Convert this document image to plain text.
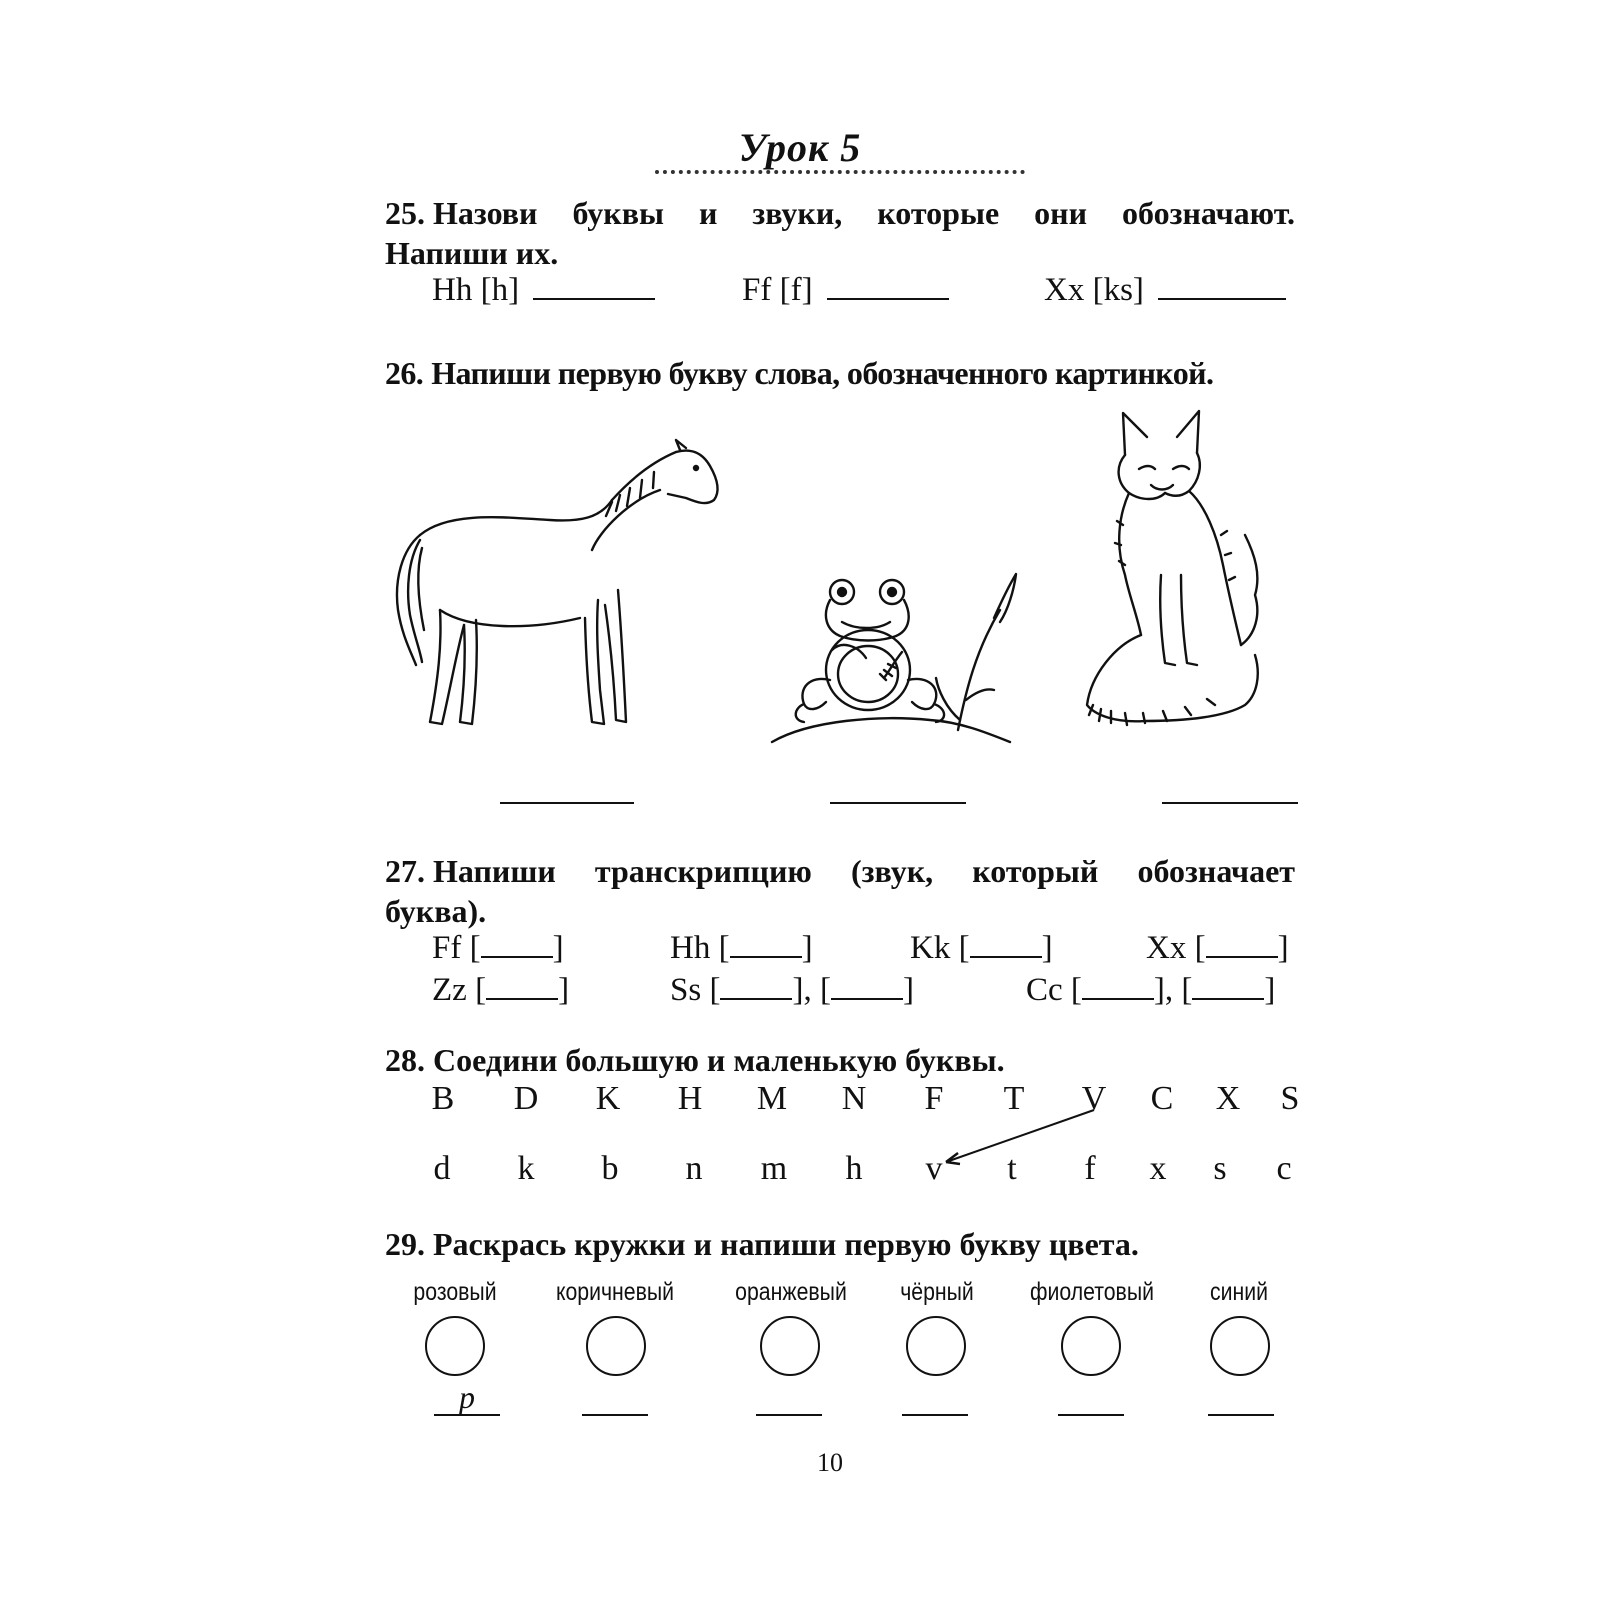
Урок 5
25. Назови буквы и звуки, которые они обозначают.
Напиши их.
Hh [h]	Ff [f]	Xx [ks]
26. Напиши первую букву слова, обозначенного картинкой.
27. Напиши транскрипцию (звук, который обозначает
буква).
Ff [ ]	Hh [ ]	Kk [ ]	Xx [ ]
Zz [ ]	Ss [ ], [ ]	Cc [ ], [ ]
28. Соедини большую и маленькую буквы.
B D K H M N	F	T V C X	S
d	k	b	n	m	h	v	t	f	x	s	c
29. Раскрась кружки и напиши первую букву цвета.
розовый	коричневый	оранжевый	чёрный	фиолетовый	синий
p
10
